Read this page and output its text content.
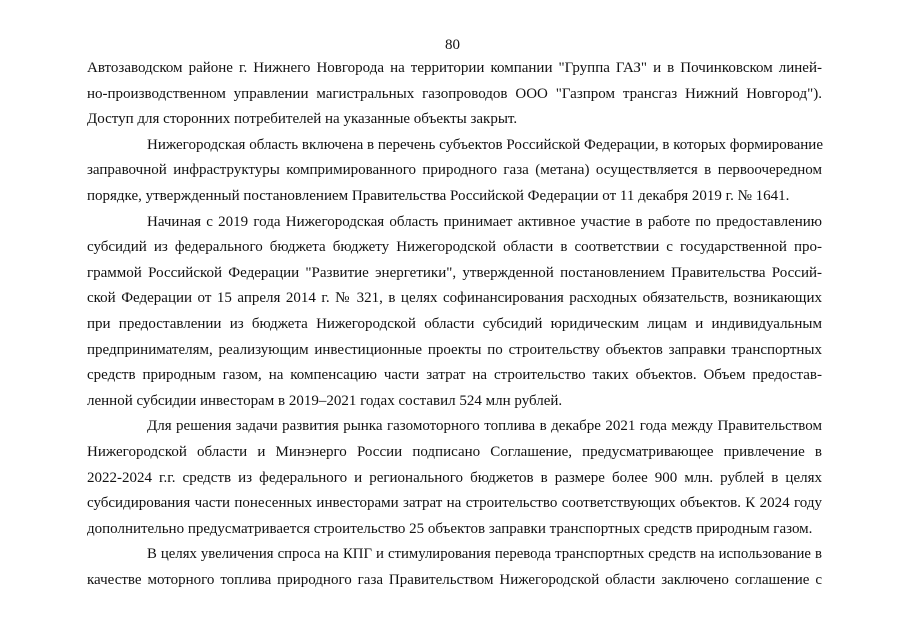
80
Автозаводском районе г. Нижнего Новгорода на территории компании "Группа ГАЗ" и в Починковском линей-
но-производственном управлении магистральных газопроводов ООО "Газпром трансгаз Нижний Новгород").
Доступ для сторонних потребителей на указанные объекты закрыт.
Нижегородская область включена в перечень субъектов Российской Федерации, в которых формирование
заправочной инфраструктуры компримированного природного газа (метана) осуществляется в первоочередном
порядке, утвержденный постановлением Правительства Российской Федерации от 11 декабря 2019 г. № 1641.
Начиная с 2019 года Нижегородская область принимает активное участие в работе по предоставлению
субсидий из федерального бюджета бюджету Нижегородской области в соответствии с государственной про-
граммой Российской Федерации "Развитие энергетики", утвержденной постановлением Правительства Россий-
ской Федерации от 15 апреля 2014 г. № 321, в целях софинансирования расходных обязательств, возникающих
при предоставлении из бюджета Нижегородской области субсидий юридическим лицам и индивидуальным
предпринимателям, реализующим инвестиционные проекты по строительству объектов заправки транспортных
средств природным газом, на компенсацию части затрат на строительство таких объектов. Объем предостав-
ленной субсидии инвесторам в 2019–2021 годах составил 524 млн рублей.
Для решения задачи развития рынка газомоторного топлива в декабре 2021 года между Правительством
Нижегородской области и Минэнерго России подписано Соглашение, предусматривающее привлечение в
2022-2024 г.г. средств из федерального и регионального бюджетов в размере более 900 млн. рублей в целях
субсидирования части понесенных инвесторами затрат на строительство соответствующих объектов. К 2024 году
дополнительно предусматривается строительство 25 объектов заправки транспортных средств природным газом.
В целях увеличения спроса на КПГ и стимулирования перевода транспортных средств на использование в
качестве моторного топлива природного газа Правительством Нижегородской области заключено соглашение с
